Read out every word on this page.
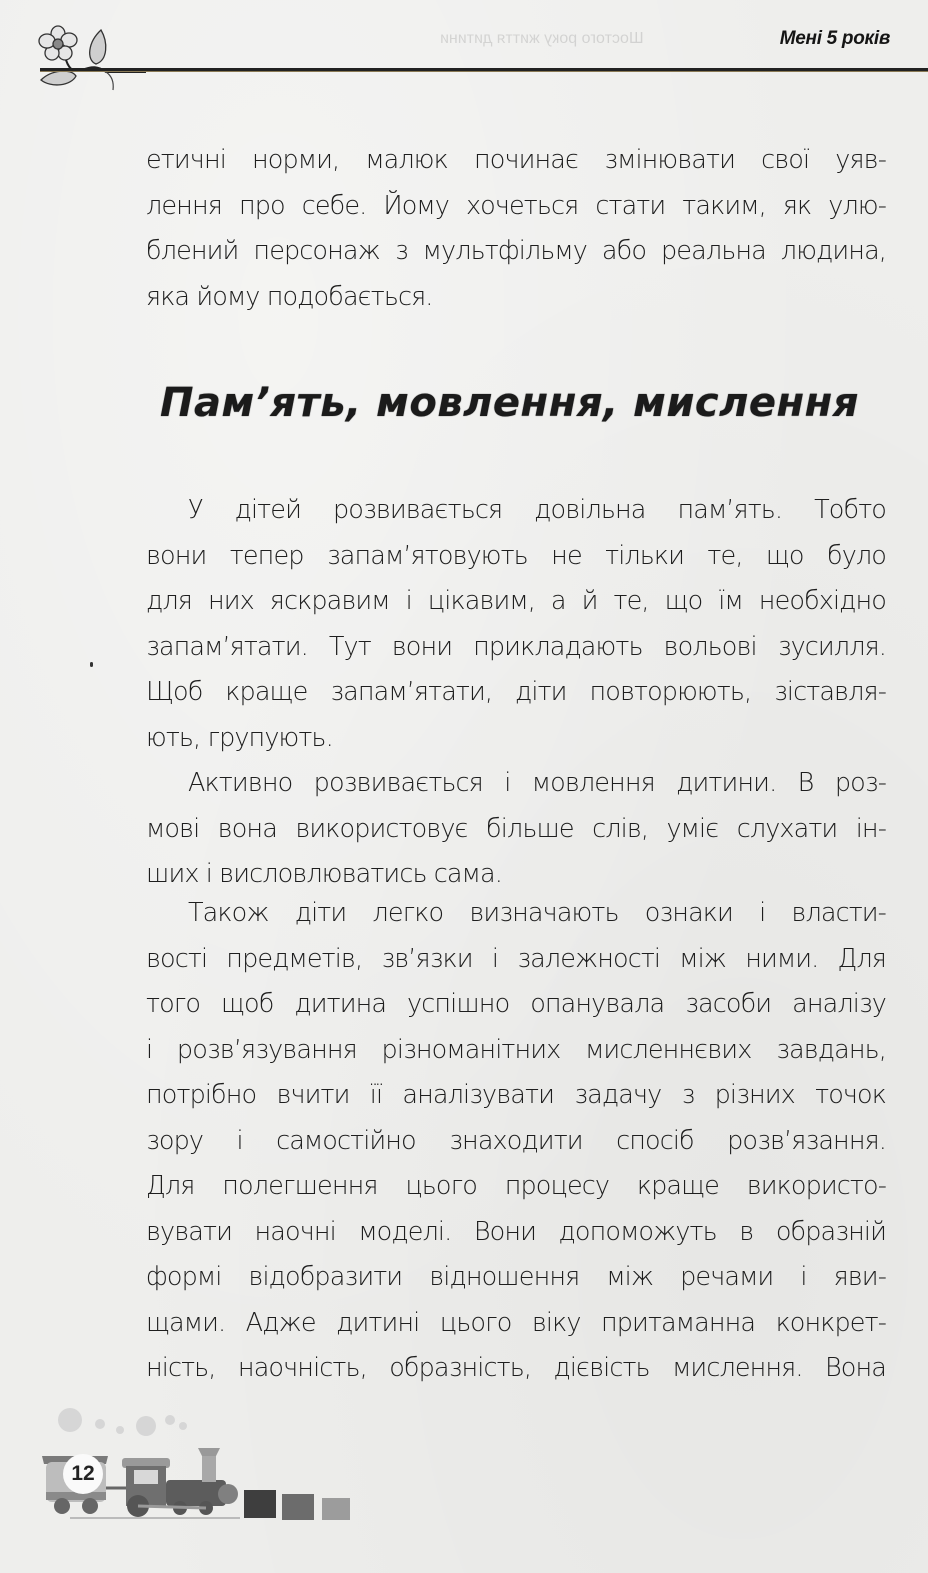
Шостого року життя дитини	Мені 5 років
етичні норми, малюк починає змінювати свої уяв-
лення про себе. Йому хочеться стати таким, як улю-
блений персонаж з мультфільму або реальна людина,
яка йому подобається.
Пам’ять, мовлення, мислення
У дітей розвивається довільна пам’ять. Тобто
вони тепер запам’ятовують не тільки те, що було
для них яскравим і цікавим, а й те, що їм необхідно
запам’ятати. Тут вони прикладають вольові зусилля.
Щоб краще запам’ятати, діти повторюють, зіставля-
ють, групують.
Активно розвивається і мовлення дитини. В роз-
мові вона використовує більше слів, уміє слухати ін-
ших і висловлюватись сама.
Також діти легко визначають ознаки і власти-
вості предметів, зв’язки і залежності між ними. Для
того щоб дитина успішно опанувала засоби аналізу
і розв’язування різноманітних мисленнєвих завдань,
потрібно вчити її аналізувати задачу з різних точок
зору і самостійно знаходити спосіб розв’язання.
Для полегшення цього процесу краще використо-
вувати наочні моделі. Вони допоможуть в образній
формі відобразити відношення між речами і яви-
щами. Адже дитині цього віку притаманна конкрет-
ність, наочність, образність, дієвість мислення. Вона
12
